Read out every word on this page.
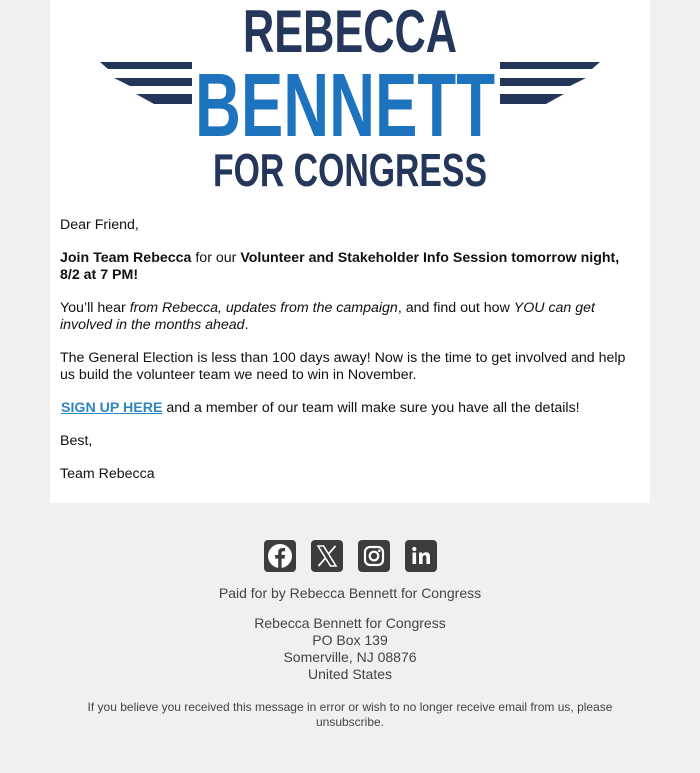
REBECCA
BENNETT
FOR CONGRESS

Dear Friend,

Join Team Rebecca for our Volunteer and Stakeholder Info Session tomorrow night, 8/2 at 7 PM!

You’ll hear from Rebecca, updates from the campaign, and find out how YOU can get involved in the months ahead.

The General Election is less than 100 days away! Now is the time to get involved and help us build the volunteer team we need to win in November.

SIGN UP HERE and a member of our team will make sure you have all the details!

Best,

Team Rebecca

Paid for by Rebecca Bennett for Congress
Rebecca Bennett for Congress
PO Box 139
Somerville, NJ 08876
United States
If you believe you received this message in error or wish to no longer receive email from us, please unsubscribe.
